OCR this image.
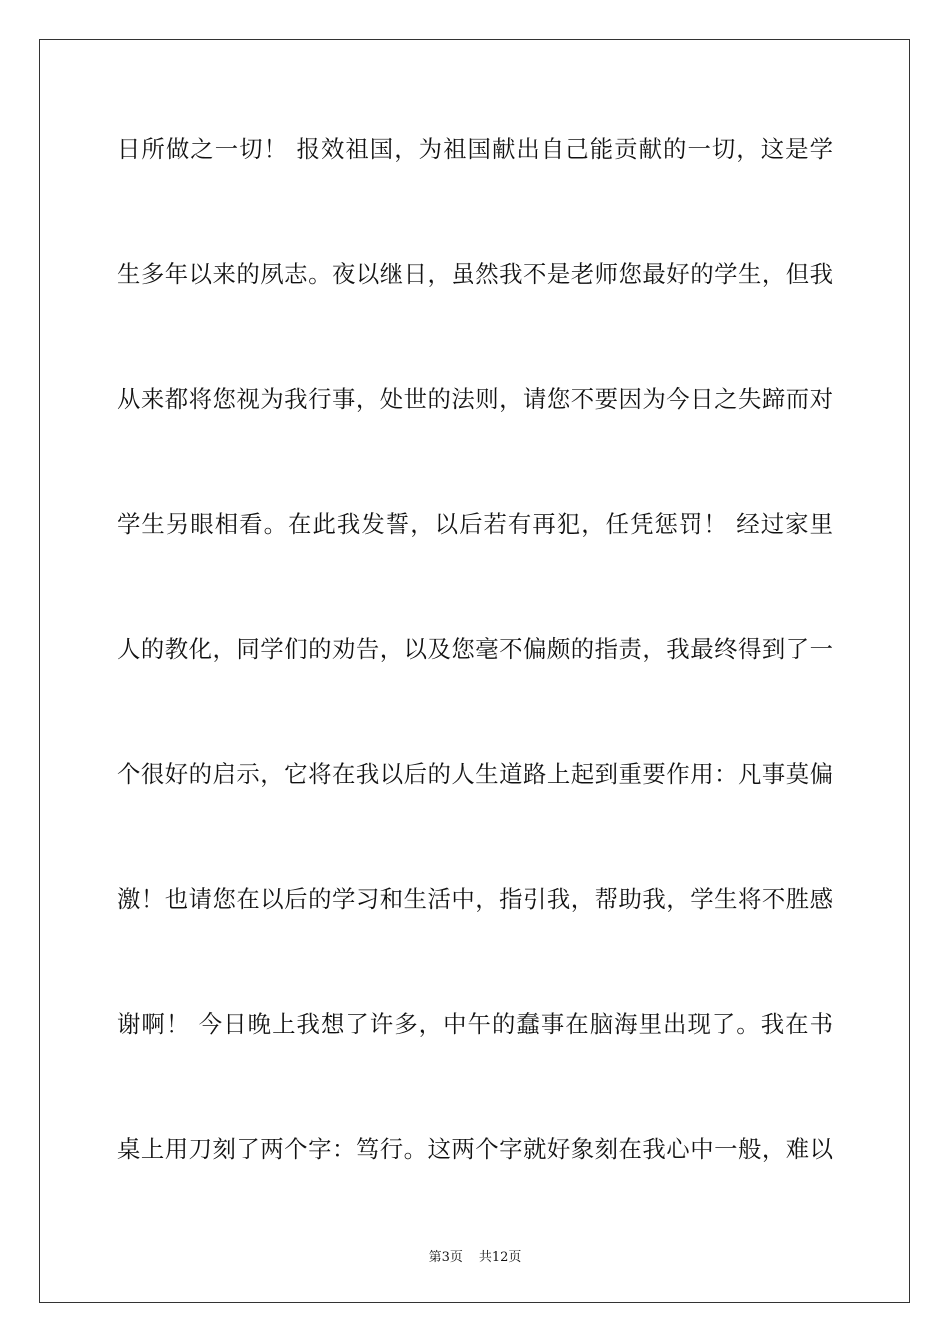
日所做之一切！ 报效祖国，为祖国献出自己能贡献的一切，这是学
生多年以来的夙志。夜以继日，虽然我不是老师您最好的学生，但我
从来都将您视为我行事，处世的法则，请您不要因为今日之失蹄而对
学生另眼相看。在此我发誓，以后若有再犯，任凭惩罚！ 经过家里
人的教化，同学们的劝告，以及您毫不偏颇的指责，我最终得到了一
个很好的启示，它将在我以后的人生道路上起到重要作用：凡事莫偏
激！也请您在以后的学习和生活中，指引我，帮助我，学生将不胜感
谢啊！ 今日晚上我想了许多，中午的蠢事在脑海里出现了。我在书
桌上用刀刻了两个字：笃行。这两个字就好象刻在我心中一般，难以
第3页 共12页
